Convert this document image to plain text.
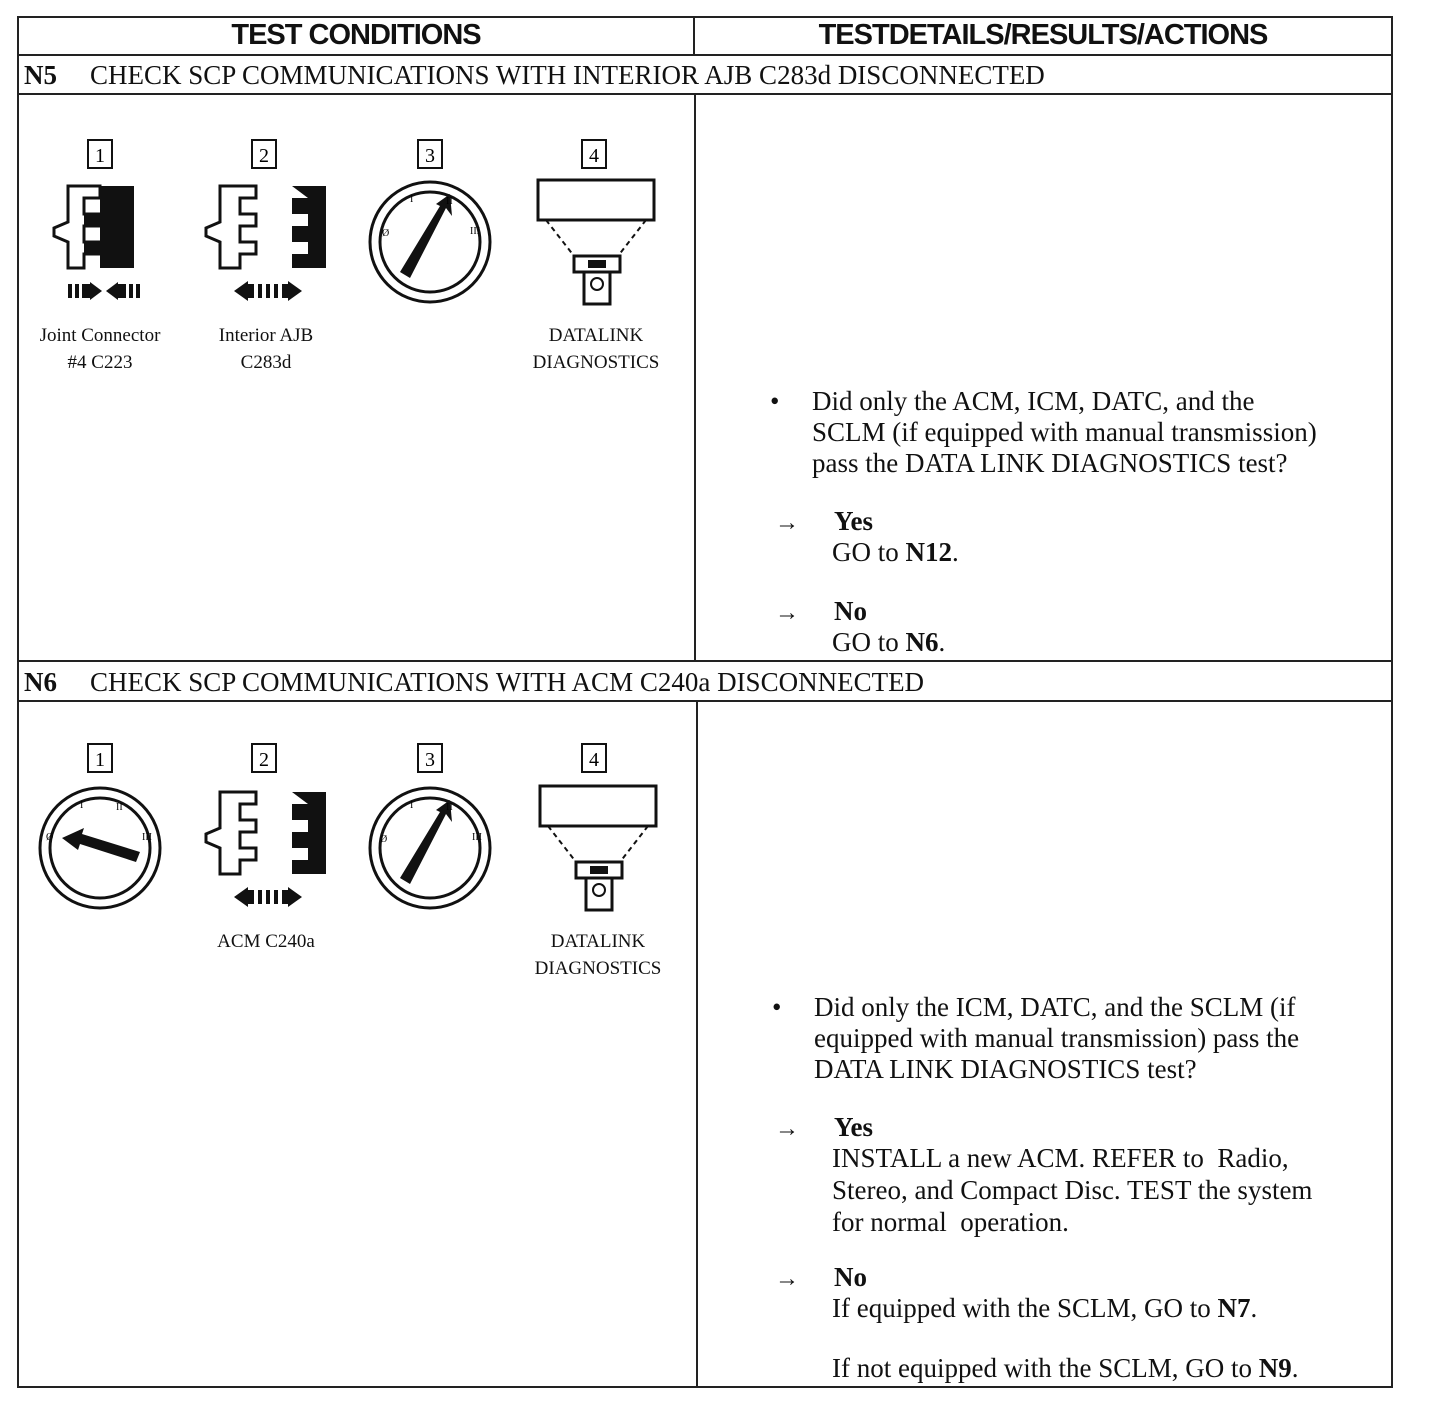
TEST CONDITIONS	TESTDETAILS/RESULTS/ACTIONS
N5 CHECK SCP COMMUNICATIONS WITH INTERIOR AJB C283d DISCONNECTED
1	2	3
Ø
I	II
III
4
Joint Connector
#4 C223
Interior AJB
C283d
DATALINK
DIAGNOSTICS
• Did only the ACM, ICM, DATC, and the
SCLM (if equipped with manual transmission)
pass the DATA LINK DIAGNOSTICS test?
→ Yes
GO to N12.
→ No
GO to N6.
N6 CHECK SCP COMMUNICATIONS WITH ACM C240a DISCONNECTED
1
Ø
I	II
III
2	3
Ø
I	II
III
4
ACM C240a	DATALINK
DIAGNOSTICS
• Did only the ICM, DATC, and the SCLM (if
equipped with manual transmission) pass the
DATA LINK DIAGNOSTICS test?
→ Yes
INSTALL a new ACM. REFER to  Radio,
Stereo, and Compact Disc. TEST the system
for normal  operation.
→ No
If equipped with the SCLM, GO to N7.
If not equipped with the SCLM, GO to N9.
